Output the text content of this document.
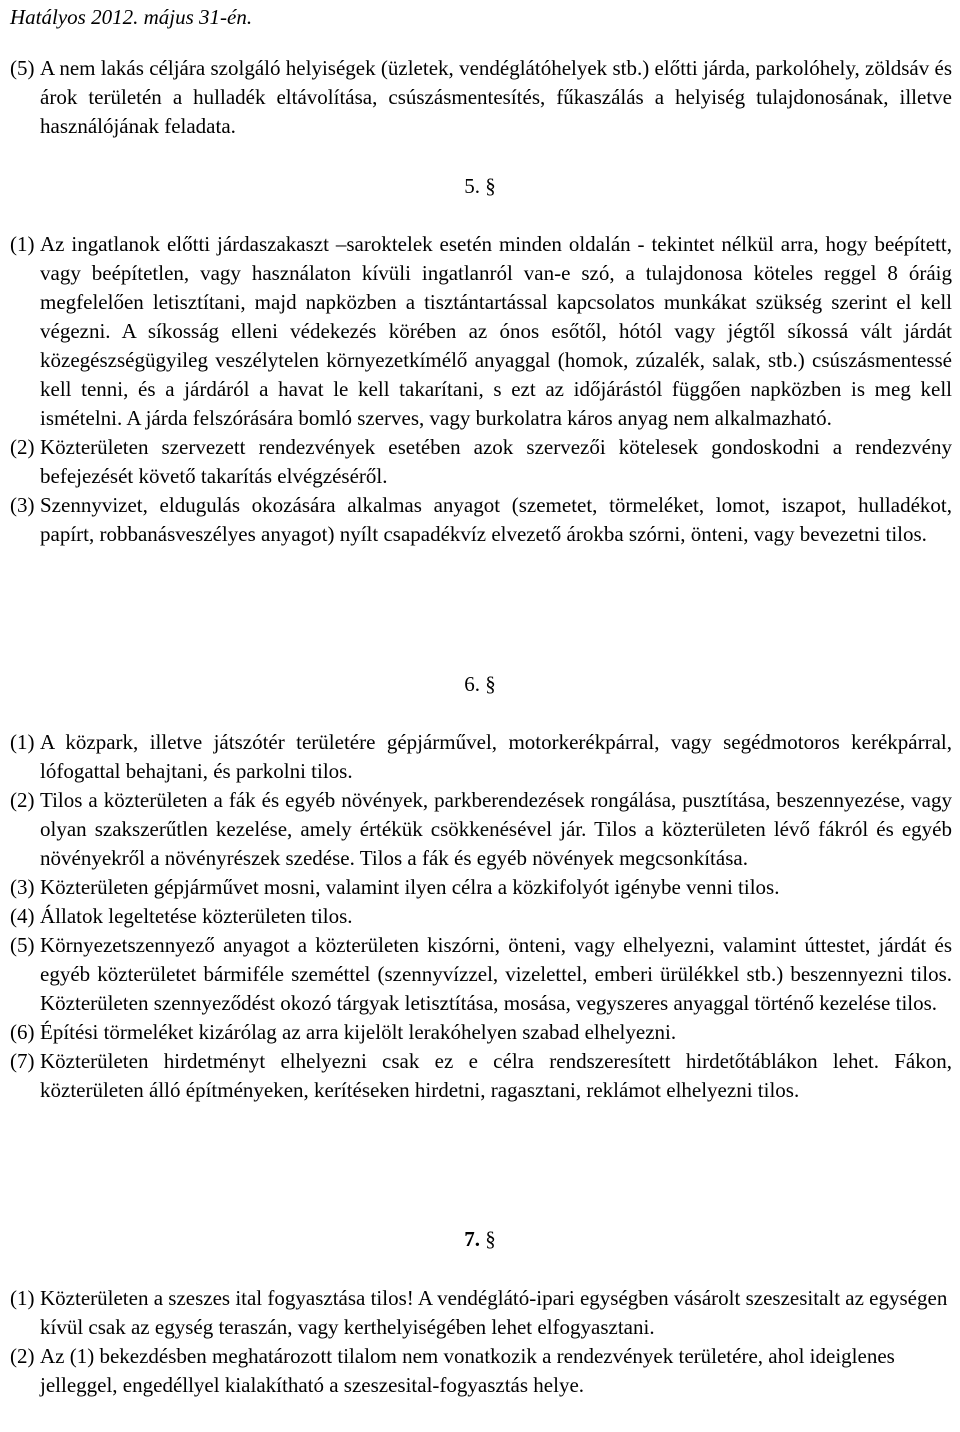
Hatályos 2012. május 31-én.
(5) A nem lakás céljára szolgáló helyiségek (üzletek, vendéglátóhelyek stb.) előtti járda, parkolóhely, zöldsáv és árok területén a hulladék eltávolítása, csúszásmentesítés, fűkaszálás a helyiség tulajdonosának, illetve használójának feladata.
5. §
(1) Az ingatlanok előtti járdaszakaszt –saroktelek esetén minden oldalán - tekintet nélkül arra, hogy beépített, vagy beépítetlen, vagy használaton kívüli ingatlanról van-e szó, a tulajdonosa köteles reggel 8 óráig megfelelően letisztítani, majd napközben a tisztántartással kapcsolatos munkákat szükség szerint el kell végezni. A síkosság elleni védekezés körében az ónos esőtől, hótól vagy jégtől síkossá vált járdát közegészségügyileg veszélytelen környezetkímélő anyaggal (homok, zúzalék, salak, stb.) csúszásmentessé kell tenni, és a járdáról a havat le kell takarítani, s ezt az időjárástól függően napközben is meg kell ismételni. A járda felszórására bomló szerves, vagy burkolatra káros anyag nem alkalmazható.
(2) Közterületen szervezett rendezvények esetében azok szervezői kötelesek gondoskodni a rendezvény befejezését követő takarítás elvégzéséről.
(3) Szennyvizet, eldugulás okozására alkalmas anyagot (szemetet, törmeléket, lomot, iszapot, hulladékot, papírt, robbanásveszélyes anyagot) nyílt csapadékvíz elvezető árokba szórni, önteni, vagy bevezetni tilos.
6. §
(1) A közpark, illetve játszótér területére gépjárművel, motorkerékpárral, vagy segédmotoros kerékpárral, lófogattal behajtani, és parkolni tilos.
(2) Tilos a közterületen a fák és egyéb növények, parkberendezések rongálása, pusztítása, beszennyezése, vagy olyan szakszerűtlen kezelése, amely értékük csökkenésével jár. Tilos a közterületen lévő fákról és egyéb növényekről a növényrészek szedése. Tilos a fák és egyéb növények megcsonkítása.
(3) Közterületen gépjárművet mosni, valamint ilyen célra a közkifolyót igénybe venni tilos.
(4) Állatok legeltetése közterületen tilos.
(5) Környezetszennyező anyagot a közterületen kiszórni, önteni, vagy elhelyezni, valamint úttestet, járdát és egyéb közterületet bármiféle szeméttel (szennyvízzel, vizelettel, emberi ürülékkel stb.) beszennyezni tilos. Közterületen szennyeződést okozó tárgyak letisztítása, mosása, vegyszeres anyaggal történő kezelése tilos.
(6) Építési törmeléket kizárólag az arra kijelölt lerakóhelyen szabad elhelyezni.
(7) Közterületen hirdetményt elhelyezni csak ez e célra rendszeresített hirdetőtáblákon lehet. Fákon, közterületen álló építményeken, kerítéseken hirdetni, ragasztani, reklámot elhelyezni tilos.
7. §
(1) Közterületen a szeszes ital fogyasztása tilos! A vendéglátó-ipari egységben vásárolt szeszesitalt az egységen kívül csak az egység teraszán, vagy kerthelyiségében lehet elfogyasztani.
(2) Az (1) bekezdésben meghatározott tilalom nem vonatkozik a rendezvények területére, ahol ideiglenes jelleggel, engedéllyel kialakítható a szeszesital-fogyasztás helye.
